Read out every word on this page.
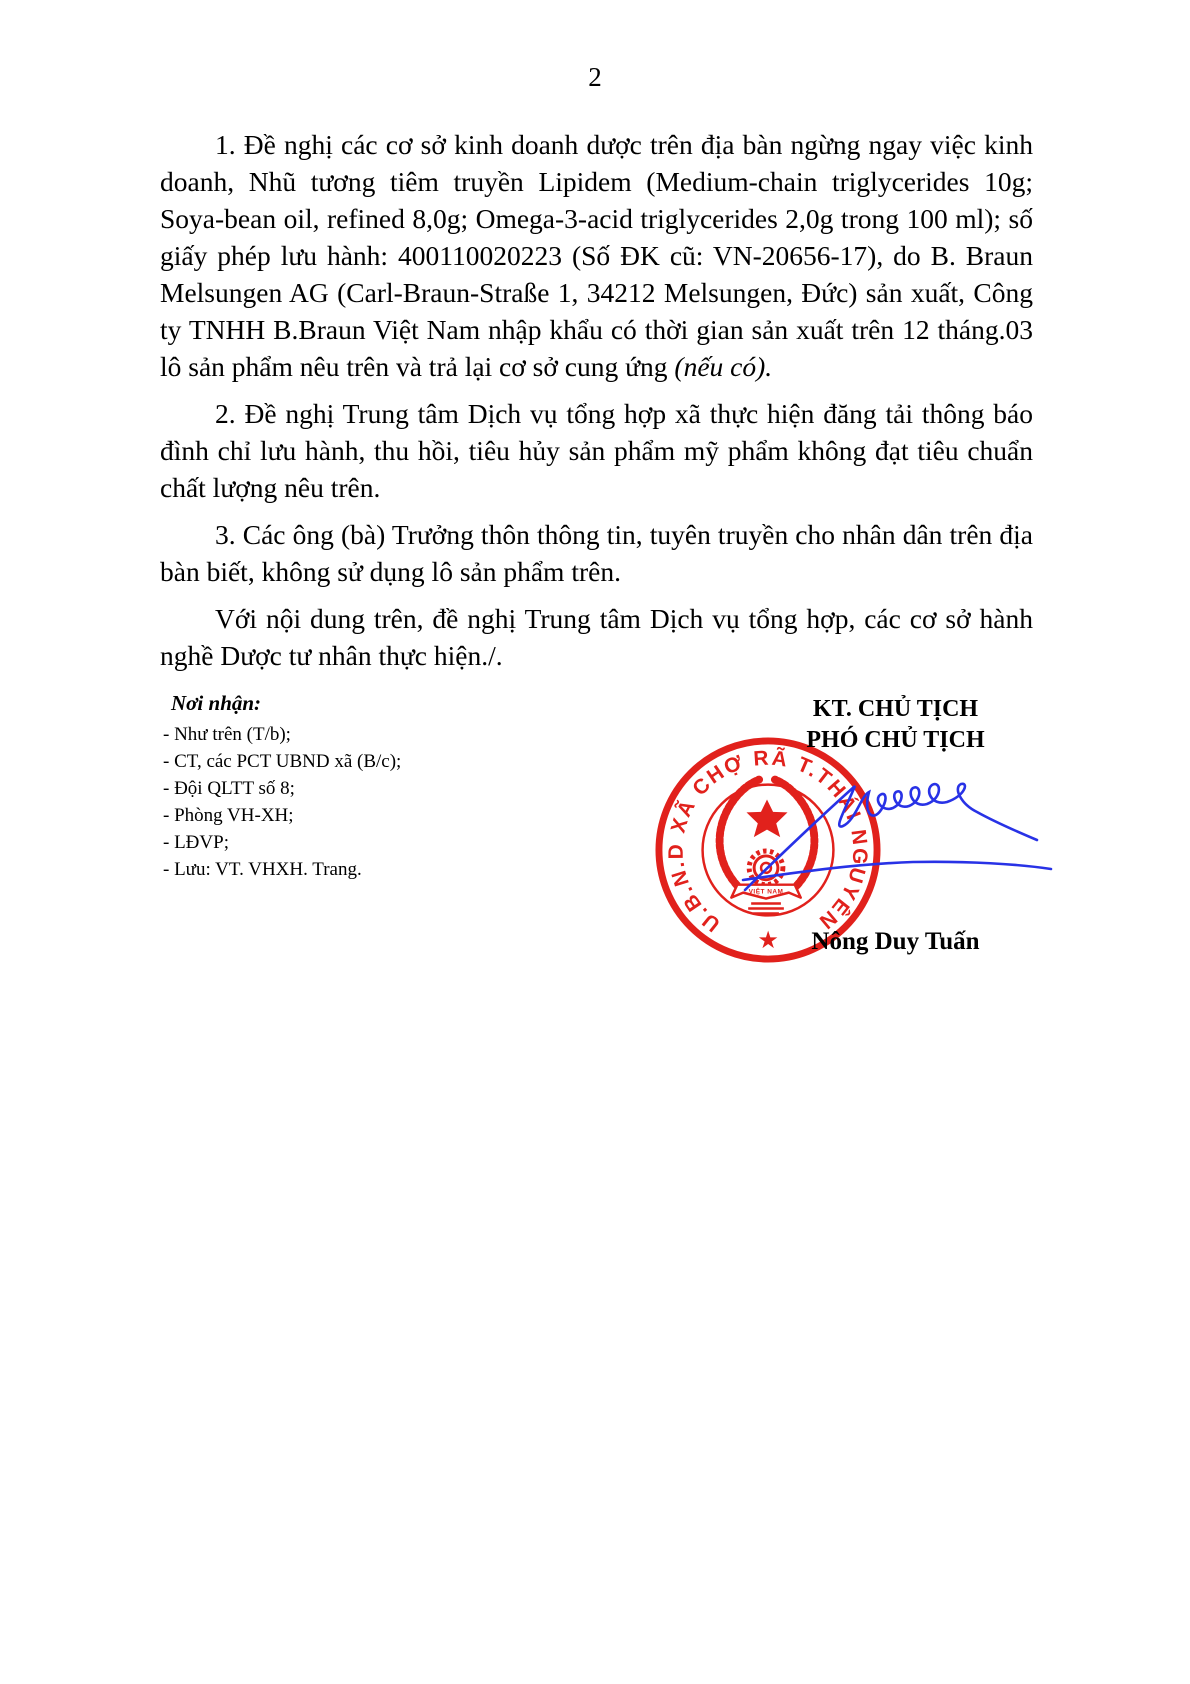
2

1. Đề nghị các cơ sở kinh doanh dược trên địa bàn ngừng ngay việc kinh doanh, Nhũ tương tiêm truyền Lipidem (Medium-chain triglycerides 10g; Soya-bean oil, refined 8,0g; Omega-3-acid triglycerides 2,0g trong 100 ml); số giấy phép lưu hành: 400110020223 (Số ĐK cũ: VN-20656-17), do B. Braun Melsungen AG (Carl-Braun-Straße 1, 34212 Melsungen, Đức) sản xuất, Công ty TNHH B.Braun Việt Nam nhập khẩu có thời gian sản xuất trên 12 tháng.03 lô sản phẩm nêu trên và trả lại cơ sở cung ứng (nếu có).

2. Đề nghị Trung tâm Dịch vụ tổng hợp xã thực hiện đăng tải thông báo đình chỉ lưu hành, thu hồi, tiêu hủy sản phẩm mỹ phẩm không đạt tiêu chuẩn chất lượng nêu trên.

3. Các ông (bà) Trưởng thôn thông tin, tuyên truyền cho nhân dân trên địa bàn biết, không sử dụng lô sản phẩm trên.

Với nội dung trên, đề nghị Trung tâm Dịch vụ tổng hợp, các cơ sở hành nghề Dược tư nhân thực hiện./.

Nơi nhận:
- Như trên (T/b);
- CT, các PCT UBND xã (B/c);
- Đội QLTT số 8;
- Phòng VH-XH;
- LĐVP;
- Lưu: VT. VHXH. Trang.
KT. CHỦ TỊCH
PHÓ CHỦ TỊCH
U.B.N.D XÃ CHỢ RÃ T.THÁI NGUYÊN
★
VIỆT NAM
Nông Duy Tuấn
